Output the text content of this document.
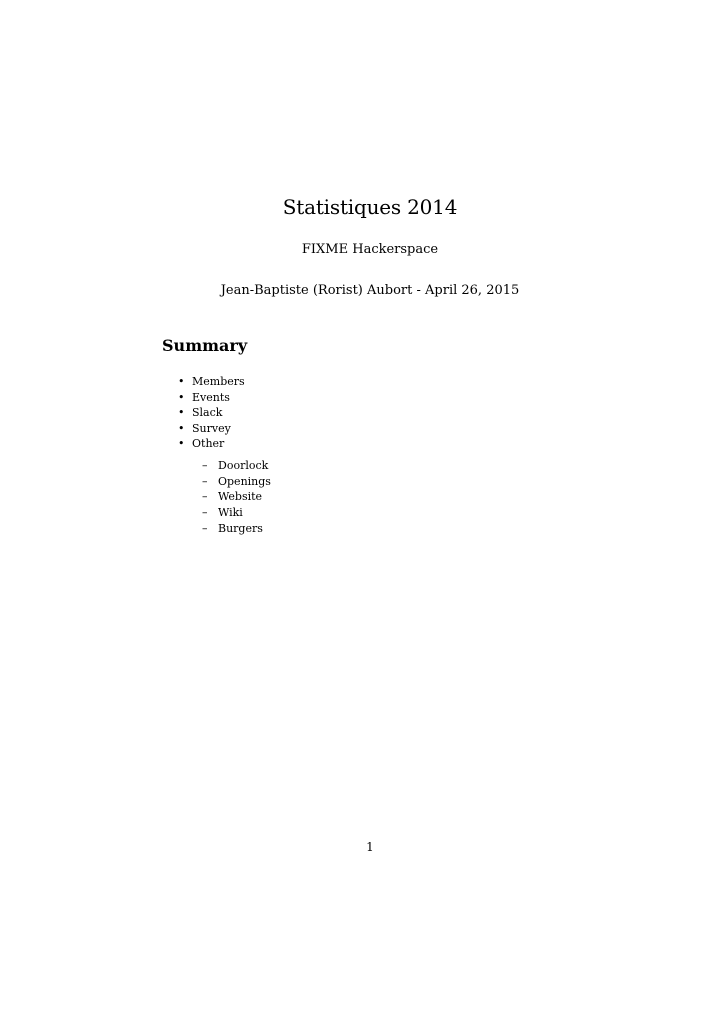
Statistiques 2014
FIXME Hackerspace
Jean-Baptiste (Rorist) Aubort - April 26, 2015
Summary
• Members
• Events
• Slack
• Survey
• Other
– Doorlock
– Openings
– Website
– Wiki
– Burgers
1
